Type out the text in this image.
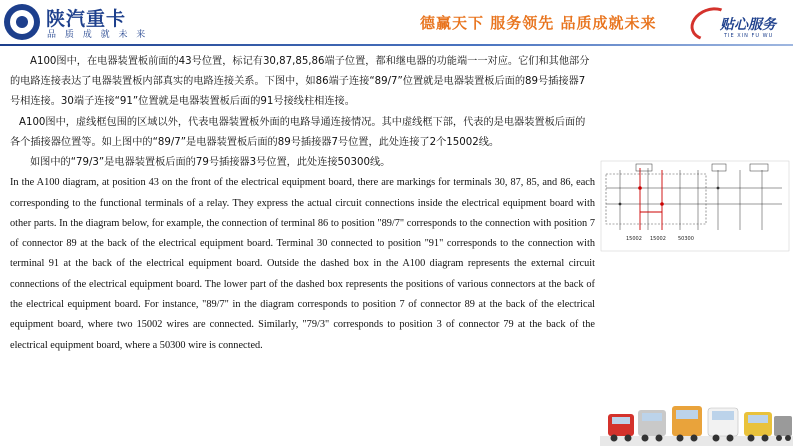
陕汽重卡
品 质 成 就 未 来
德赢天下 服务领先 品质成就未来	贴心服务
TIE XIN FU WU

A100图中，在电器装置板前面的43号位置，标记有30,87,85,86端子位置，都和继电器的功能端一一对应。它们和其他部分的电路连接表达了电器装置板内部真实的电路连接关系。下图中，如86端子连接“89/7”位置就是电器装置板后面的89号插接器7号相连接。30端子连接“91”位置就是电器装置板后面的91号接线柱相连接。

A100图中，虚线框包围的区域以外，代表电器装置板外面的电路导通连接情况。其中虚线框下部，代表的是电器装置板后面的各个插接器位置等。如上图中的“89/7”是电器装置板后面的89号插接器7号位置，此处连接了2个15002线。

如图中的“79/3”是电器装置板后面的79号插接器3号位置，此处连接50300线。

In the A100 diagram, at position 43 on the front of the electrical equipment board, there are markings for terminals 30, 87, 85, and 86, each corresponding to the functional terminals of a relay. They express the actual circuit connections inside the electrical equipment board with other parts. In the diagram below, for example, the connection of terminal 86 to position "89/7" corresponds to the connection with position 7 of connector 89 at the back of the electrical equipment board. Terminal 30 connected to position "91" corresponds to the connection with terminal 91 at the back of the electrical equipment board. Outside the dashed box in the A100 diagram represents the external circuit connections of the electrical equipment board. The lower part of the dashed box represents the positions of various connectors at the back of the electrical equipment board. For instance, "89/7" in the diagram corresponds to position 7 of connector 89 at the back of the electrical equipment board, where two 15002 wires are connected. Similarly, "79/3" corresponds to position 3 of connector 79 at the back of the electrical equipment board, where a 50300 wire is connected.

15002 15002 50300
